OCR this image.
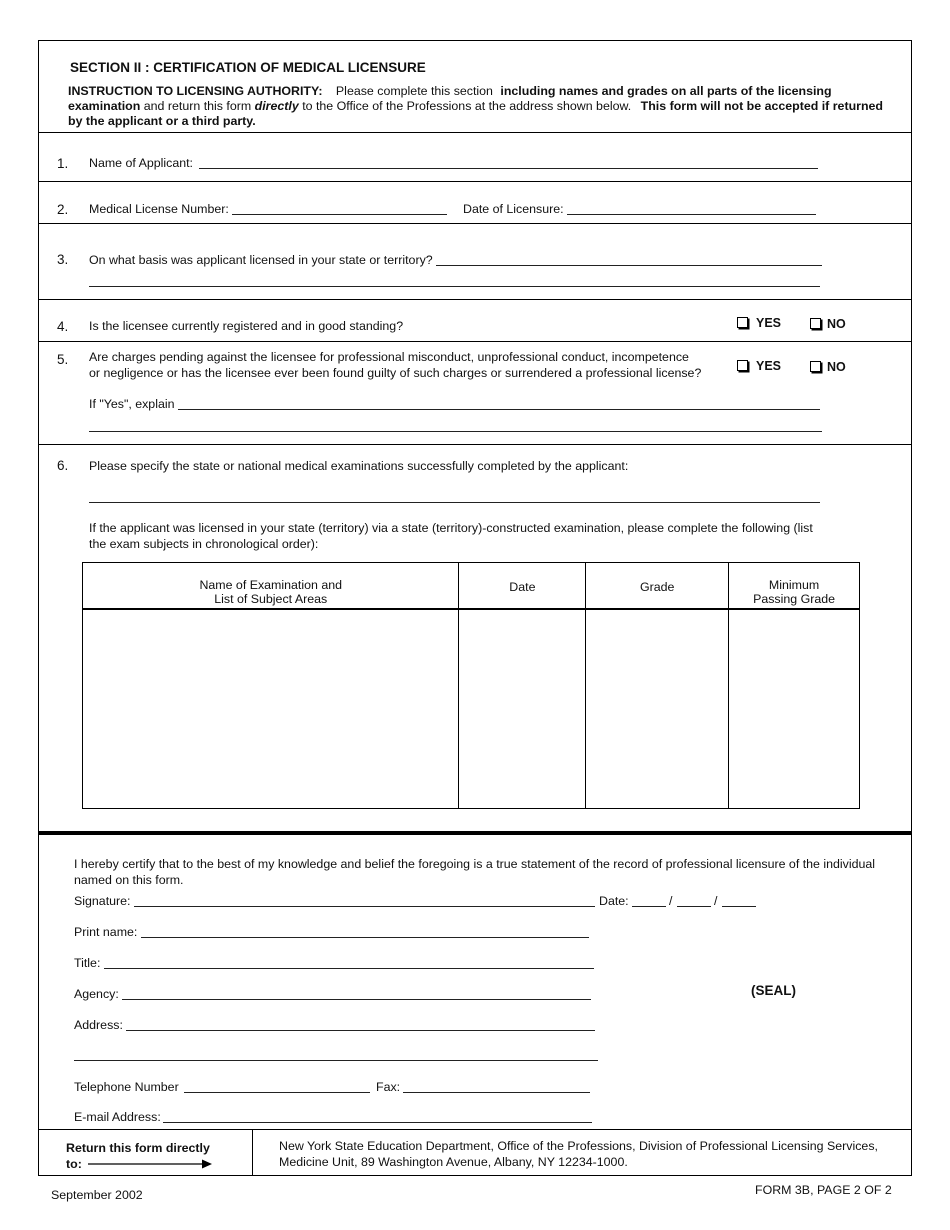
SECTION II : CERTIFICATION OF MEDICAL LICENSURE
INSTRUCTION TO LICENSING AUTHORITY: Please complete this section including names and grades on all parts of the licensing
examination and return this form directly to the Office of the Professions at the address shown below. This form will not be accepted if returned
by the applicant or a third party.
1. Name of Applicant:
2. Medical License Number:	Date of Licensure:
3. On what basis was applicant licensed in your state or territory?
4. Is the licensee currently registered and in good standing?	YES	NO
5. Are charges pending against the licensee for professional misconduct, unprofessional conduct, incompetence
or negligence or has the licensee ever been found guilty of such charges or surrendered a professional license?	YES	NO
If "Yes", explain
6. Please specify the state or national medical examinations successfully completed by the applicant:
If the applicant was licensed in your state (territory) via a state (territory)-constructed examination, please complete the following (list
the exam subjects in chronological order):
Name of Examination and
List of Subject Areas	Date	Grade	Minimum
Passing Grade

I hereby certify that to the best of my knowledge and belief the foregoing is a true statement of the record of professional licensure of the individual
named on this form.
Signature:	Date:	/	/
Print name:
Title:
Agency:	(SEAL)
Address:
Telephone Number	Fax:
E-mail Address:
Return this form directly
to:
New York State Education Department, Office of the Professions, Division of Professional Licensing Services,
Medicine Unit, 89 Washington Avenue, Albany, NY 12234-1000.
September 2002	FORM 3B, PAGE 2 OF 2
